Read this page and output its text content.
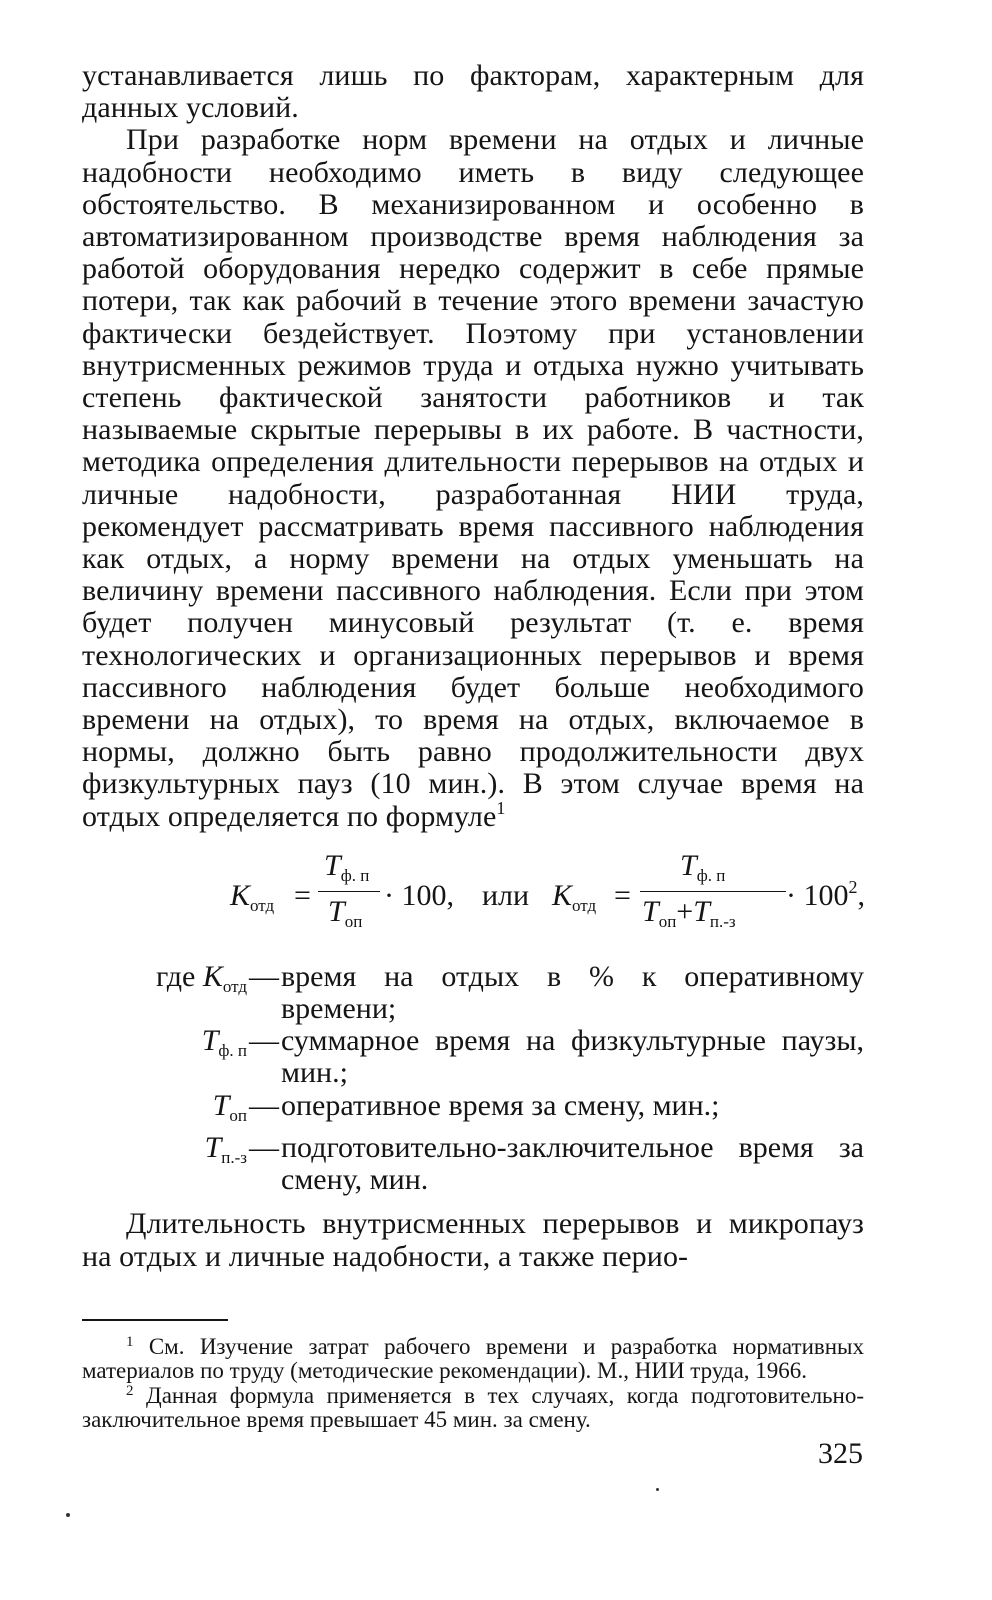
устанавливается лишь по факторам, характерным для данных условий.

При разработке норм времени на отдых и личные надобности необходимо иметь в виду следующее обстоятельство. В механизированном и особенно в автоматизированном производстве время наблюдения за работой оборудования нередко содержит в себе прямые потери, так как рабочий в течение этого времени зачастую фактически бездействует. Поэтому при установлении внутрисменных режимов труда и отдыха нужно учитывать степень фактической занятости работников и так называемые скрытые перерывы в их работе. В частности, методика определения длительности перерывов на отдых и личные надобности, разработанная НИИ труда, рекомендует рассматривать время пассивного наблюдения как отдых, а норму времени на отдых уменьшать на величину времени пассивного наблюдения. Если при этом будет получен минусовый результат (т. е. время технологических и организационных перерывов и время пассивного наблюдения будет больше необходимого времени на отдых), то время на отдых, включаемое в нормы, должно быть равно продолжительности двух физкультурных пауз (10 мин.). В этом случае время на отдых определяется по формуле$^1$

$K_{отд}$ =
$T_{ф. п}$
$T_{оп}$
· 100, или $K_{отд}$ =
$T_{ф. п}$
$T_{оп}+T_{п.-з}$
· 100$^2$,
где $K_{отд}$ — время на отдых в % к оперативному времени;
$T_{ф. п}$ — суммарное время на физкультурные паузы, мин.;
$T_{оп}$ — оперативное время за смену, мин.;
$T_{п.-з}$ — подготовительно-заключительное время за смену, мин.

Длительность внутрисменных перерывов и микропауз на отдых и личные надобности, а также перио-

$^1$ См. Изучение затрат рабочего времени и разработка нормативных материалов по труду (методические рекомендации). М., НИИ труда, 1966.

$^2$ Данная формула применяется в тех случаях, когда подготовительно-заключительное время превышает 45 мин. за смену.

325
